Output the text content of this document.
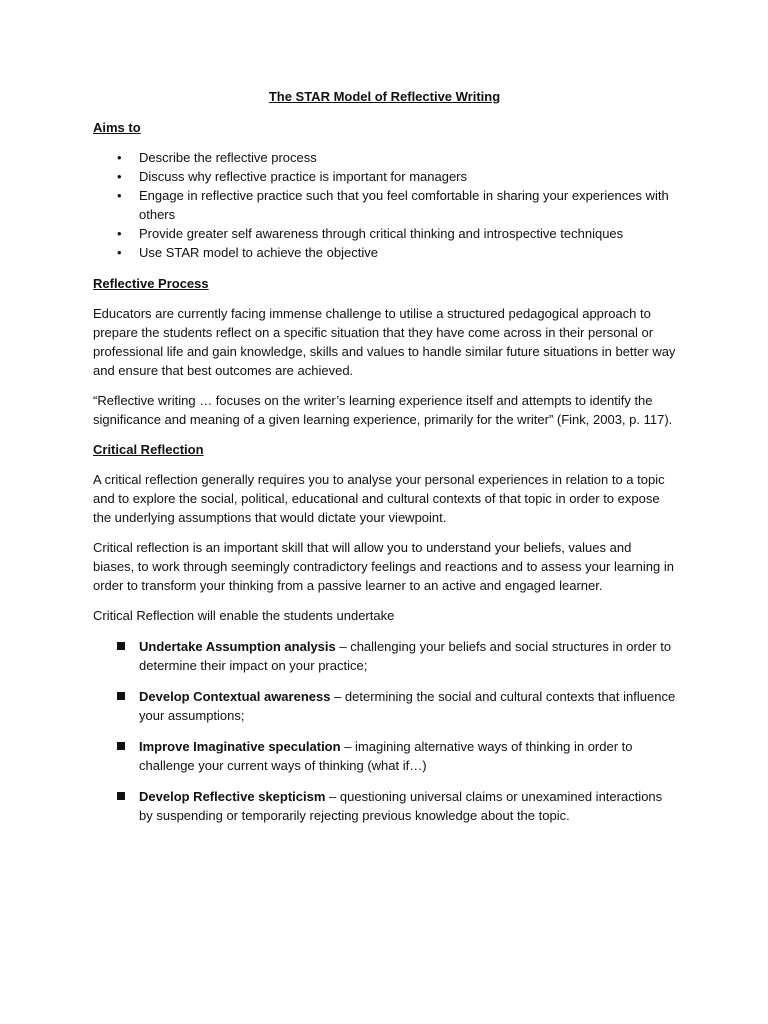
The STAR Model of Reflective Writing
Aims to
• Describe the reflective process
• Discuss why reflective practice is important for managers
• Engage in reflective practice such that you feel comfortable in sharing your experiences with others
• Provide greater self awareness through critical thinking and introspective techniques
• Use STAR model to achieve the objective
Reflective Process

Educators are currently facing immense challenge to utilise a structured pedagogical approach to prepare the students reflect on a specific situation that they have come across in their personal or professional life and gain knowledge, skills and values to handle similar future situations in better way and ensure that best outcomes are achieved.

“Reflective writing … focuses on the writer’s learning experience itself and attempts to identify the significance and meaning of a given learning experience, primarily for the writer” (Fink, 2003, p. 117).

Critical Reflection

A critical reflection generally requires you to analyse your personal experiences in relation to a topic and to explore the social, political, educational and cultural contexts of that topic in order to expose the underlying assumptions that would dictate your viewpoint.

Critical reflection is an important skill that will allow you to understand your beliefs, values and biases, to work through seemingly contradictory feelings and reactions and to assess your learning in order to transform your thinking from a passive learner to an active and engaged learner.

Critical Reflection will enable the students undertake

Undertake Assumption analysis – challenging your beliefs and social structures in order to determine their impact on your practice;
Develop Contextual awareness – determining the social and cultural contexts that influence your assumptions;
Improve Imaginative speculation – imagining alternative ways of thinking in order to challenge your current ways of thinking (what if…)
Develop Reflective skepticism – questioning universal claims or unexamined interactions by suspending or temporarily rejecting previous knowledge about the topic.
